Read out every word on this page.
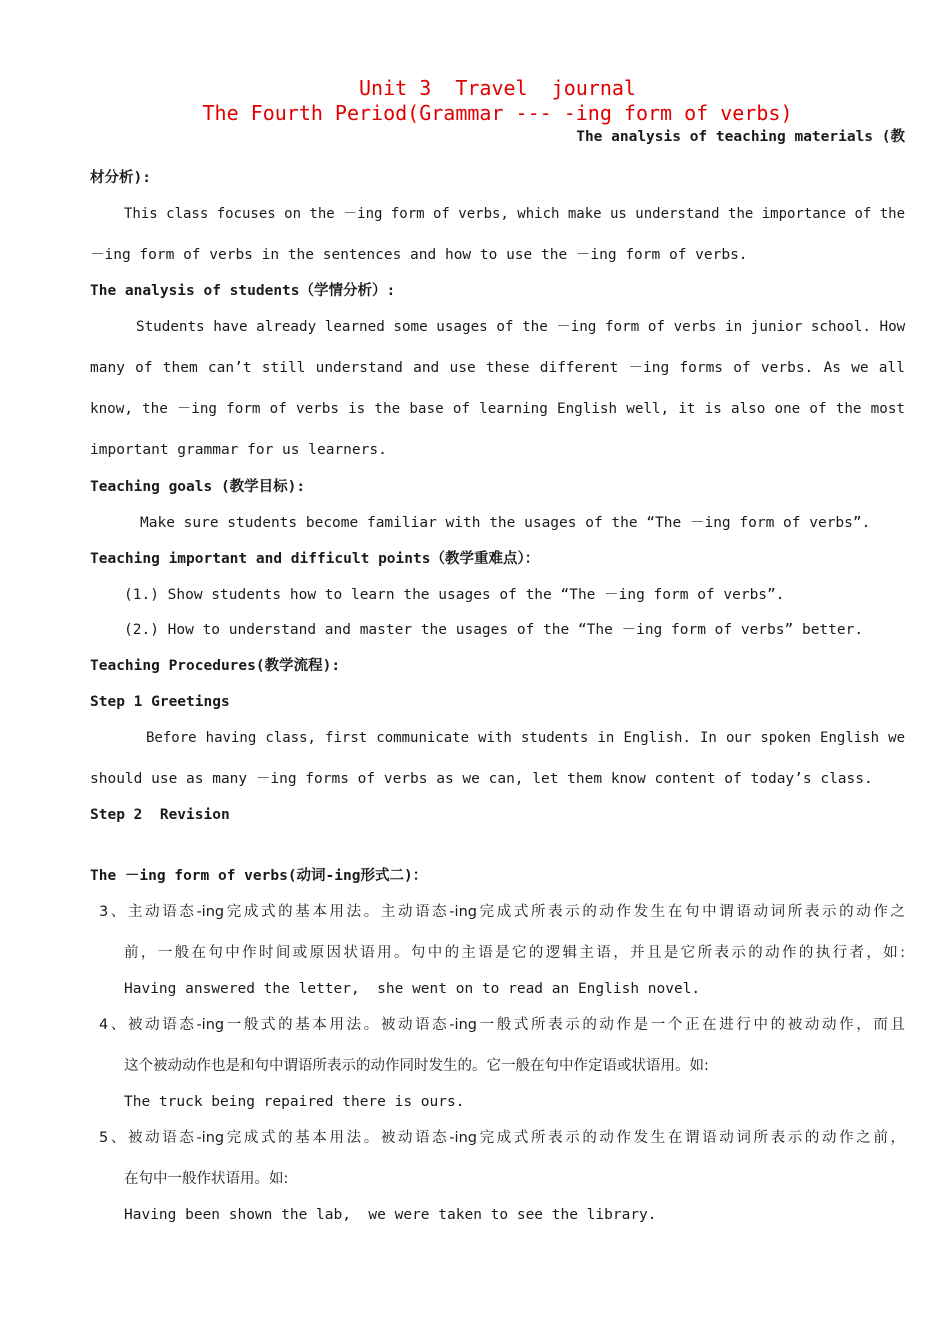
Unit 3  Travel  journal
The Fourth Period(Grammar --- -ing form of verbs)
The analysis of teaching materials (教
材分析):
This class focuses on the －ing form of verbs, which make us understand the importance of the
－ing form of verbs in the sentences and how to use the －ing form of verbs.
The analysis of students（学情分析）:
Students have already learned some usages of the －ing form of verbs in junior school. How
many of them can’t still understand and use these different －ing forms of verbs. As we all
know, the －ing form of verbs is the base of learning English well, it is also one of the most
important grammar for us learners.
Teaching goals (教学目标):
Make sure students become familiar with the usages of the “The －ing form of verbs”.
Teaching important and difficult points（教学重难点）：
(1.) Show students how to learn the usages of the “The －ing form of verbs”.
(2.) How to understand and master the usages of the “The －ing form of verbs” better.
Teaching Procedures(教学流程):
Step 1 Greetings
Before having class, first communicate with students in English. In our spoken English we
should use as many －ing forms of verbs as we can, let them know content of today’s class.
Step 2  Revision
The －ing form of verbs(动词-ing形式二)：
3、主动语态-ing完成式的基本用法。主动语态-ing完成式所表示的动作发生在句中谓语动词所表示的动作之
前，一般在句中作时间或原因状语用。句中的主语是它的逻辑主语，并且是它所表示的动作的执行者，如:
Having answered the letter,  she went on to read an English novel.
4、被动语态-ing一般式的基本用法。被动语态-ing一般式所表示的动作是一个正在进行中的被动动作，而且
这个被动动作也是和句中谓语所表示的动作同时发生的。它一般在句中作定语或状语用。如:
The truck being repaired there is ours.
5、被动语态-ing完成式的基本用法。被动语态-ing完成式所表示的动作发生在谓语动词所表示的动作之前，
在句中一般作状语用。如:
Having been shown the lab,  we were taken to see the library.
